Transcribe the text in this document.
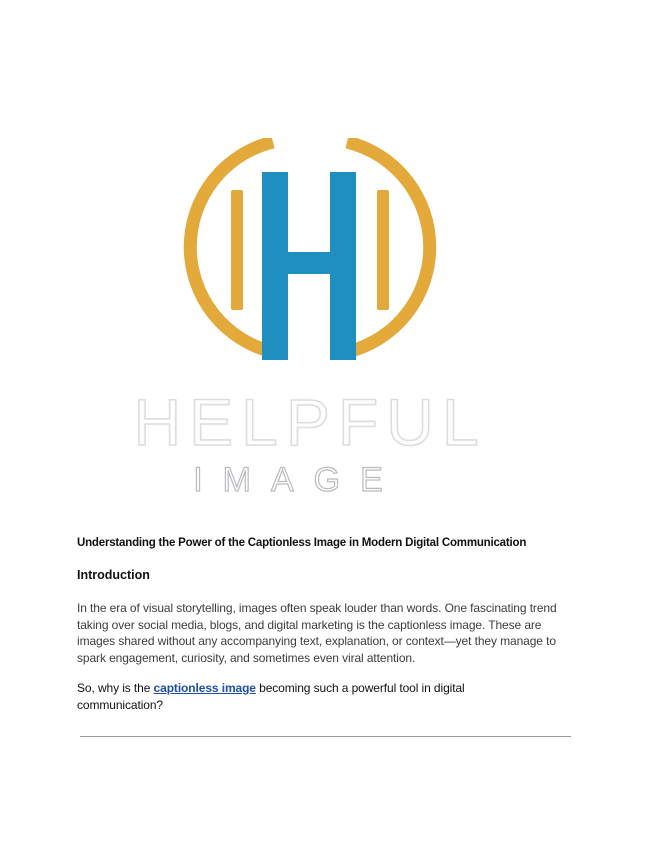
HELPFUL
IMAGE
Understanding the Power of the Captionless Image in Modern Digital Communication
Introduction

In the era of visual storytelling, images often speak louder than words. One fascinating trend taking over social media, blogs, and digital marketing is the captionless image. These are images shared without any accompanying text, explanation, or context—yet they manage to spark engagement, curiosity, and sometimes even viral attention.

So, why is the captionless image becoming such a powerful tool in digital communication?
